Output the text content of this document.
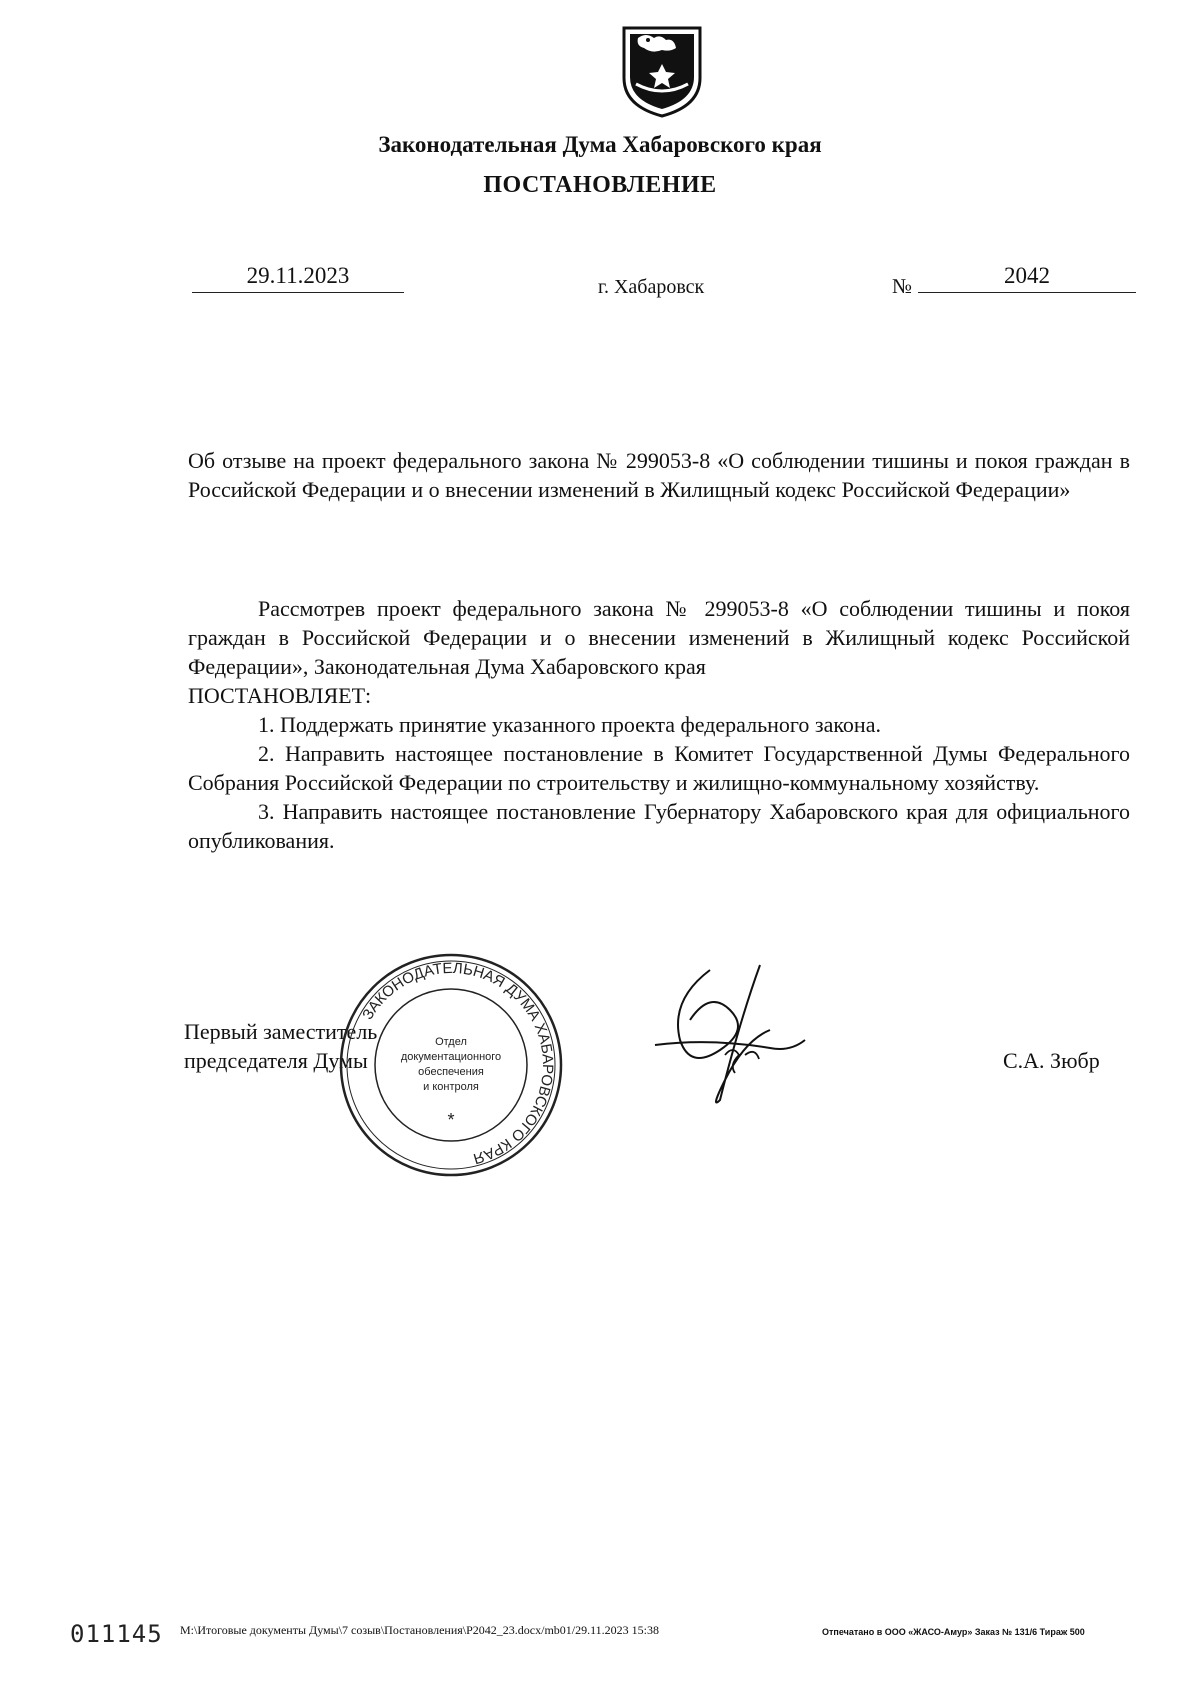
Законодательная Дума Хабаровского края
ПОСТАНОВЛЕНИЕ
29.11.2023	г. Хабаровск	№	2042

Об отзыве на проект федерального закона № 299053-8 «О соблюдении тишины и покоя граждан в Российской Федерации и о внесении изменений в Жилищный кодекс Российской Федерации»

Рассмотрев проект федерального закона № 299053-8 «О соблюдении тишины и покоя граждан в Российской Федерации и о внесении изменений в Жилищный кодекс Российской Федерации», Законодательная Дума Хабаровского края

ПОСТАНОВЛЯЕТ:

1. Поддержать принятие указанного проекта федерального закона.

2. Направить настоящее постановление в Комитет Государственной Думы Федерального Собрания Российской Федерации по строительству и жилищно-коммунальному хозяйству.

3. Направить настоящее постановление Губернатору Хабаровского края для официального опубликования.

Первый заместитель
председателя Думы	С.А. Зюбр
ЗАКОНОДАТЕЛЬНАЯ ДУМА ХАБАРОВСКОГО КРАЯ
Отдел
документационного
обеспечения
и контроля
*
011145 M:\Итоговые документы Думы\7 созыв\Постановления\P2042_23.docx/mb01/29.11.2023 15:38	Отпечатано в ООО «ЖАСО-Амур» Заказ № 131/6 Тираж 500
